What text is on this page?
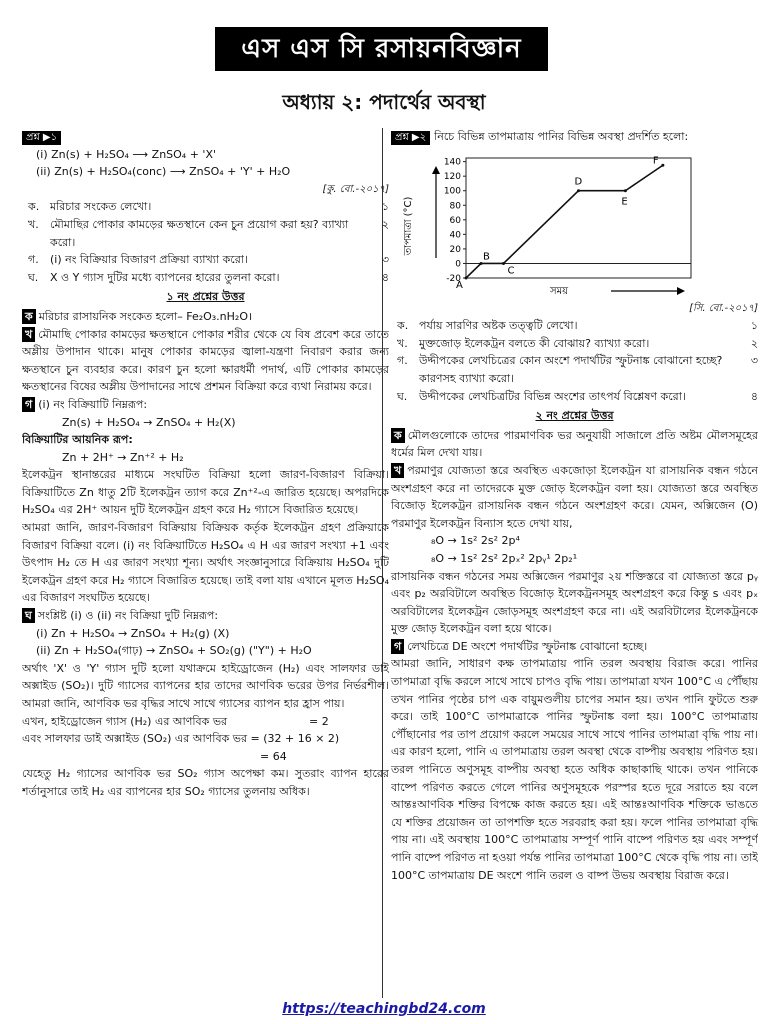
এস এস সি রসায়নবিজ্ঞান
অধ্যায় ২: পদার্থের অবস্থা
প্রশ্ন ▶১
(i) Zn(s) + H₂SO₄ ⟶ ZnSO₄ + 'X'
(ii) Zn(s) + H₂SO₄(conc) ⟶ ZnSO₄ + 'Y' + H₂O
[কু. বো.-২০১৭]
ক. মরিচার সংকেত লেখো।	১
খ.	মৌমাছির পোকার কামড়ের ক্ষতস্থানে কেন চুন প্রয়োগ করা হয়? ব্যাখ্যা করো।
২
গ.	(i) নং বিক্রিয়ার বিজারণ প্রক্রিয়া ব্যাখ্যা করো।	৩
ঘ.	X ও Y গ্যাস দুটির মধ্যে ব্যাপনের হারের তুলনা করো।	৪
১ নং প্রশ্নের উত্তর
ক মরিচার রাসায়নিক সংকেত হলো– Fe₂O₃.nH₂O।
খ মৌমাছি পোকার কামড়ের ক্ষতস্থানে পোকার শরীর থেকে যে বিষ প্রবেশ করে তাতে অম্লীয় উপাদান থাকে। মানুষ পোকার কামড়ের জ্বালা-যন্ত্রণা নিবারণ করার জন্য ক্ষতস্থানে চুন ব্যবহার করে। কারণ চুন হলো ক্ষারধর্মী পদার্থ, এটি পোকার কামড়ের ক্ষতস্থানের বিষের অম্লীয় উপাদানের সাথে প্রশমন বিক্রিয়া করে ব্যথা নিরাময় করে।
গ (i) নং বিক্রিয়াটি নিম্নরূপ:
Zn(s) + H₂SO₄ → ZnSO₄ + H₂(X)
বিক্রিয়াটির আয়নিক রূপ:
Zn + 2H⁺ → Zn⁺² + H₂
ইলেকট্রন স্থানান্তরের মাধ্যমে সংঘটিত বিক্রিয়া হলো জারণ-বিজারণ বিক্রিয়া। বিক্রিয়াটিতে Zn ধাতু 2টি ইলেকট্রন ত্যাগ করে Zn⁺²-এ জারিত হয়েছে। অপরদিকে H₂SO₄ এর 2H⁺ আয়ন দুটি ইলেকট্রন গ্রহণ করে H₂ গ্যাসে বিজারিত হয়েছে।
আমরা জানি, জারণ-বিজারণ বিক্রিয়ায় বিক্রিয়ক কর্তৃক ইলেকট্রন গ্রহণ প্রক্রিয়াকে বিজারণ বিক্রিয়া বলে। (i) নং বিক্রিয়াটিতে H₂SO₄ এ H এর জারণ সংখ্যা +1 এবং উৎপাদ H₂ তে H এর জারণ সংখ্যা শূন্য। অর্থাৎ সংজ্ঞানুসারে বিক্রিয়ায় H₂SO₄ দুটি ইলেকট্রন গ্রহণ করে H₂ গ্যাসে বিজারিত হয়েছে। তাই বলা যায় এখানে মূলত H₂SO₄ এর বিজারণ সংঘটিত হয়েছে।
ঘ সংশ্লিষ্ট (i) ও (ii) নং বিক্রিয়া দুটি নিম্নরূপ:
(i) Zn + H₂SO₄ → ZnSO₄ + H₂(g) (X)
(ii) Zn + H₂SO₄(গাঢ়) → ZnSO₄ + SO₂(g) ("Y") + H₂O
অর্থাৎ 'X' ও 'Y' গ্যাস দুটি হলো যথাক্রমে হাইড্রোজেন (H₂) এবং সালফার ডাই অক্সাইড (SO₂)। দুটি গ্যাসের ব্যাপনের হার তাদের আণবিক ভরের উপর নির্ভরশীল। আমরা জানি, আণবিক ভর বৃদ্ধির সাথে সাথে গ্যাসের ব্যাপন হার হ্রাস পায়।
এখন, হাইড্রোজেন গ্যাস (H₂) এর আণবিক ভর	= 2
এবং সালফার ডাই অক্সাইড (SO₂) এর আণবিক ভর = (32 + 16 × 2)
= 64
যেহেতু H₂ গ্যাসের আণবিক ভর SO₂ গ্যাস অপেক্ষা কম। সুতরাং ব্যাপন হারের শর্তানুসারে তাই H₂ এর ব্যাপনের হার SO₂ গ্যাসের তুলনায় অধিক।
প্রশ্ন ▶২ নিচে বিভিন্ন তাপমাত্রায় পানির বিভিন্ন অবস্থা প্রদর্শিত হলো:
-20
0
20
40
60
80
100
120
140
A
B
C
D
E
F
তাপমাত্রা (°C)
সময়
[সি. বো.-২০১৭]
ক. পর্যায় সারণির অষ্টক তত্ত্বটি লেখো।	১
খ.	মুক্তজোড় ইলেকট্রন বলতে কী বোঝায়? ব্যাখ্যা করো।	২
গ.	উদ্দীপকের লেখচিত্রের কোন অংশে পদার্থটির স্ফুটনাঙ্ক বোঝানো হচ্ছে? কারণসহ ব্যাখ্যা করো।
৩
ঘ.	উদ্দীপকের লেখচিত্রটির বিভিন্ন অংশের তাৎপর্য বিশ্লেষণ করো।	৪
২ নং প্রশ্নের উত্তর
ক মৌলগুলোকে তাদের পারমাণবিক ভর অনুযায়ী সাজালে প্রতি অষ্টম মৌলসমূহের ধর্মের মিল দেখা যায়।
খ পরমাণুর যোজ্যতা স্তরে অবস্থিত একজোড়া ইলেকট্রন যা রাসায়নিক বন্ধন গঠনে অংশগ্রহণ করে না তাদেরকে মুক্ত জোড় ইলেকট্রন বলা হয়। যোজ্যতা স্তরে অবস্থিত বিজোড় ইলেকট্রন রাসায়নিক বন্ধন গঠনে অংশগ্রহণ করে। যেমন, অক্সিজেন (O) পরমাণুর ইলেকট্রন বিন্যাস হতে দেখা যায়,
₈O → 1s² 2s² 2p⁴
₈O → 1s² 2s² 2pₓ² 2pᵧ¹ 2p₂¹
রাসায়নিক বন্ধন গঠনের সময় অক্সিজেন পরমাণুর ২য় শক্তিস্তরে বা যোজ্যতা স্তরে pᵧ এবং p₂ অরবিটালে অবস্থিত বিজোড় ইলেকট্রনসমূহ অংশগ্রহণ করে কিন্তু s এবং pₓ অরবিটালের ইলেকট্রন জোড়সমূহ অংশগ্রহণ করে না। এই অরবিটালের ইলেকট্রনকে মুক্ত জোড় ইলেকট্রন বলা হয়ে থাকে।
গ লেখচিত্রে DE অংশে পদার্থটির স্ফুটনাঙ্ক বোঝানো হচ্ছে।
আমরা জানি, সাধারণ কক্ষ তাপমাত্রায় পানি তরল অবস্থায় বিরাজ করে। পানির তাপমাত্রা বৃদ্ধি করলে সাথে সাথে চাপও বৃদ্ধি পায়। তাপমাত্রা যখন 100°C এ পৌঁছায় তখন পানির পৃষ্ঠের চাপ এক বায়ুমণ্ডলীয় চাপের সমান হয়। তখন পানি ফুটতে শুরু করে। তাই 100°C তাপমাত্রাকে পানির স্ফুটনাঙ্ক বলা হয়। 100°C তাপমাত্রায় পৌঁছানোর পর তাপ প্রয়োগ করলে সময়ের সাথে সাথে পানির তাপমাত্রা বৃদ্ধি পায় না। এর কারণ হলো, পানি এ তাপমাত্রায় তরল অবস্থা থেকে বাষ্পীয় অবস্থায় পরিণত হয়। তরল পানিতে অণুসমূহ বাষ্পীয় অবস্থা হতে অধিক কাছাকাছি থাকে। তখন পানিকে বাষ্পে পরিণত করতে গেলে পানির অণুসমূহকে পরস্পর হতে দূরে সরাতে হয় বলে আন্তঃআণবিক শক্তির বিপক্ষে কাজ করতে হয়। এই আন্তঃআণবিক শক্তিকে ভাঙতে যে শক্তির প্রয়োজন তা তাপশক্তি হতে সরবরাহ করা হয়। ফলে পানির তাপমাত্রা বৃদ্ধি পায় না। এই অবস্থায় 100°C তাপমাত্রায় সম্পূর্ণ পানি বাষ্পে পরিণত হয় এবং সম্পূর্ণ পানি বাষ্পে পরিণত না হওয়া পর্যন্ত পানির তাপমাত্রা 100°C থেকে বৃদ্ধি পায় না। তাই 100°C তাপমাত্রায় DE অংশে পানি তরল ও বাষ্প উভয় অবস্থায় বিরাজ করে।
https://teachingbd24.com
